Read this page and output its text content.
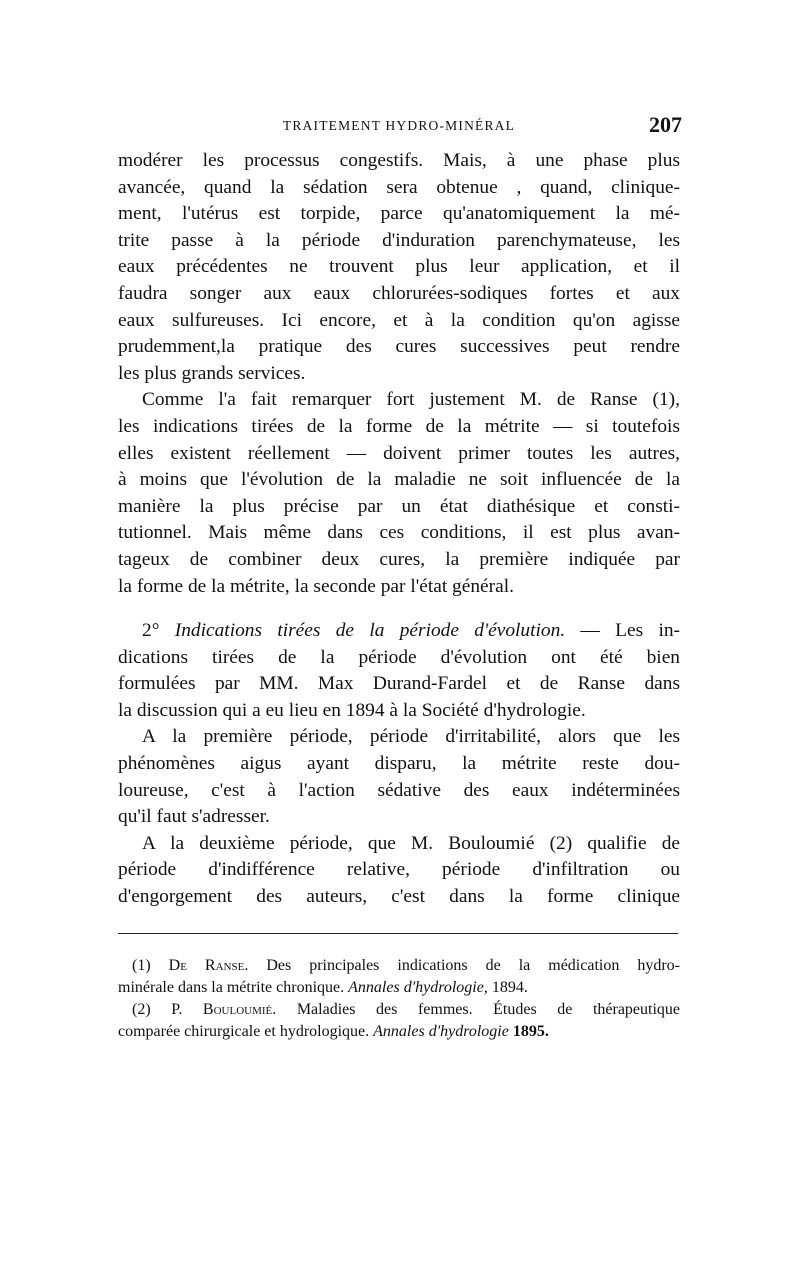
TRAITEMENT HYDRO-MINÉRAL	207
modérer les processus congestifs. Mais, à une phase plus
avancée, quand la sédation sera obtenue , quand, clinique-
ment, l'utérus est torpide, parce qu'anatomiquement la mé-
trite passe à la période d'induration parenchymateuse, les
eaux précédentes ne trouvent plus leur application, et il
faudra songer aux eaux chlorurées-sodiques fortes et aux
eaux sulfureuses. Ici encore, et à la condition qu'on agisse
prudemment,la pratique des cures successives peut rendre
les plus grands services.
Comme l'a fait remarquer fort justement M. de Ranse (1),
les indications tirées de la forme de la métrite — si toutefois
elles existent réellement — doivent primer toutes les autres,
à moins que l'évolution de la maladie ne soit influencée de la
manière la plus précise par un état diathésique et consti-
tutionnel. Mais même dans ces conditions, il est plus avan-
tageux de combiner deux cures, la première indiquée par
la forme de la métrite, la seconde par l'état général.
2° Indications tirées de la période d'évolution. — Les in-
dications tirées de la période d'évolution ont été bien
formulées par MM. Max Durand-Fardel et de Ranse dans
la discussion qui a eu lieu en 1894 à la Société d'hydrologie.
A la première période, période d'irritabilité, alors que les
phénomènes aigus ayant disparu, la métrite reste dou-
loureuse, c'est à l'action sédative des eaux indéterminées
qu'il faut s'adresser.
A la deuxième période, que M. Bouloumié (2) qualifie de
période d'indifférence relative, période d'infiltration ou
d'engorgement des auteurs, c'est dans la forme clinique
(1) De Ranse. Des principales indications de la médication hydro-
minérale dans la métrite chronique. Annales d'hydrologie, 1894.
(2) P. Bouloumié. Maladies des femmes. Études de thérapeutique
comparée chirurgicale et hydrologique. Annales d'hydrologie 1895.
